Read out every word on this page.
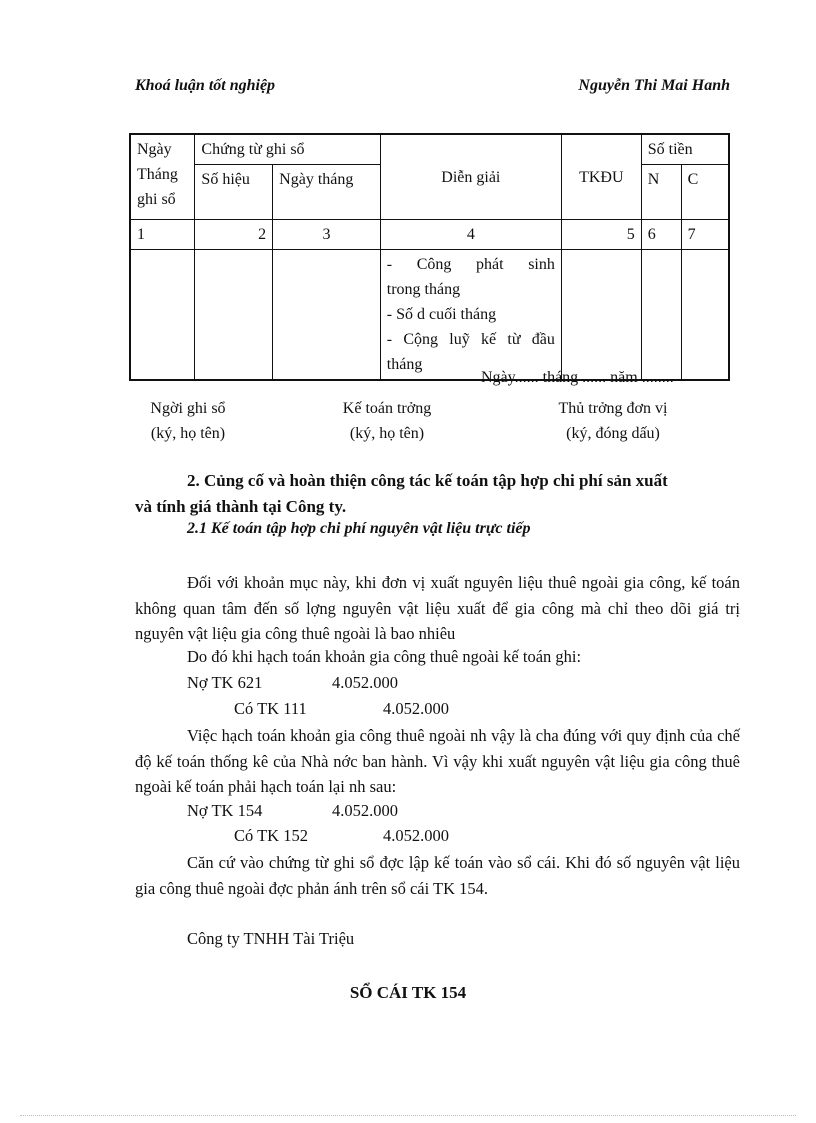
Khoá luận tốt nghiệp	Nguyễn Thi Mai Hanh
Ngày
Tháng
ghi sổ	Chứng từ ghi sổ		Diễn giải	TKĐU	Số tiền	
	Số hiệu	Ngày tháng			N	C
1	2	3	4	5	6	7

			- Công phát sinh
trong tháng
- Số d cuối tháng
- Cộng luỹ kế từ đầu
tháng			

Ngày...... tháng ...... năm ........
Ngời ghi sổ
(ký, họ tên)
Kế toán trởng
(ký, họ tên)
Thủ trởng đơn vị
(ký, đóng dấu)
2. Củng cố và hoàn thiện công tác kế toán tập hợp chi phí sản xuất
và tính giá thành tại Công ty.
2.1 Kế toán tập hợp chi phí nguyên vật liệu trực tiếp
Đối với khoản mục này, khi đơn vị xuất nguyên liệu thuê ngoài gia công, kế toán không quan tâm đến số lợng nguyên vật liệu xuất để gia công mà chỉ theo dõi giá trị nguyên vật liệu gia công thuê ngoài là bao nhiêu
Do đó khi hạch toán khoản gia công thuê ngoài kế toán ghi:
Nợ TK 621	4.052.000
Có TK 111	4.052.000
Việc hạch toán khoản gia công thuê ngoài nh vậy là cha đúng với quy định của chế độ kế toán thống kê của Nhà nớc ban hành. Vì vậy khi xuất nguyên vật liệu gia công thuê ngoài kế toán phải hạch toán lại nh sau:
Nợ TK 154	4.052.000
Có TK 152	4.052.000
Căn cứ vào chứng từ ghi sổ đợc lập kế toán vào sổ cái. Khi đó số nguyên vật liệu gia công thuê ngoài đợc phản ánh trên sổ cái TK 154.
Công ty TNHH Tài Triệu
SỔ CÁI TK 154
